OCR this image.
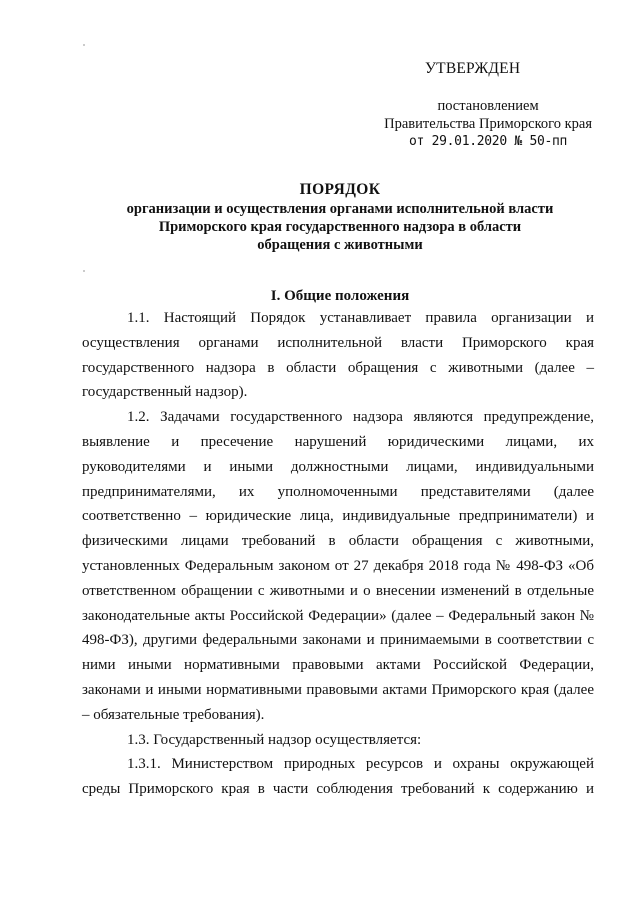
УТВЕРЖДЕН
постановлением
Правительства Приморского края
от 29.01.2020 № 50-пп
ПОРЯДОК
организации и осуществления органами исполнительной власти
Приморского края государственного надзора в области
обращения с животными
I. Общие положения

1.1. Настоящий Порядок устанавливает правила организации и осуществления органами исполнительной власти Приморского края государственного надзора в области обращения с животными (далее – государственный надзор).

1.2. Задачами государственного надзора являются предупреждение, выявление и пресечение нарушений юридическими лицами, их руководителями и иными должностными лицами, индивидуальными предпринимателями, их уполномоченными представителями (далее соответственно – юридические лица, индивидуальные предприниматели) и физическими лицами требований в области обращения с животными, установленных Федеральным законом от 27 декабря 2018 года № 498-ФЗ «Об ответственном обращении с животными и о внесении изменений в отдельные законодательные акты Российской Федерации» (далее – Федеральный закон № 498-ФЗ), другими федеральными законами и принимаемыми в соответствии с ними иными нормативными правовыми актами Российской Федерации, законами и иными нормативными правовыми актами Приморского края (далее – обязательные требования).

1.3. Государственный надзор осуществляется:

1.3.1. Министерством природных ресурсов и охраны окружающей среды Приморского края в части соблюдения требований к содержанию и
